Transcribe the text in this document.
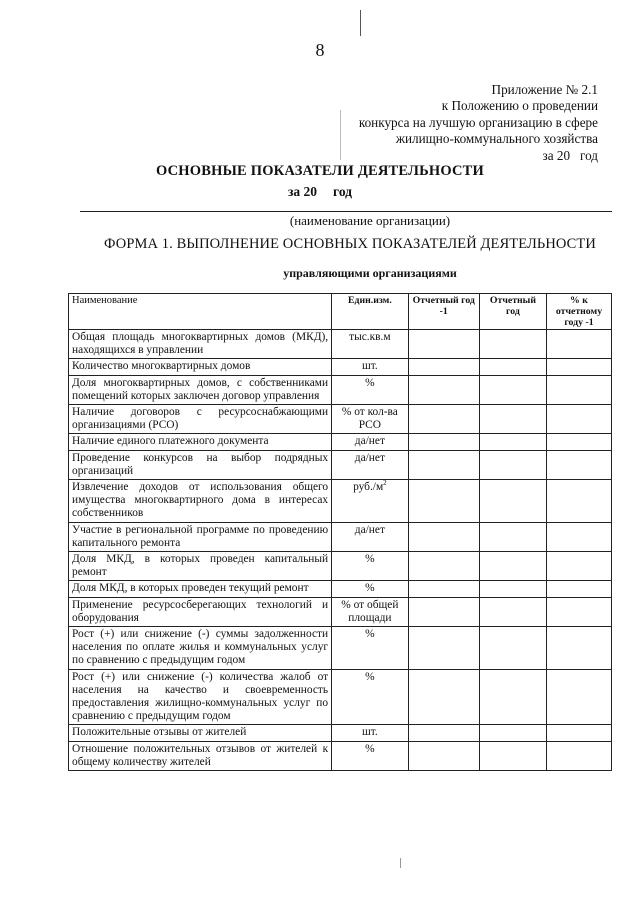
8
Приложение № 2.1
к Положению о проведении
конкурса на лучшую организацию в сфере
жилищно-коммунального хозяйства
за 20   год
ОСНОВНЫЕ ПОКАЗАТЕЛИ ДЕЯТЕЛЬНОСТИ
за 20 год
(наименование организации)
ФОРМА 1. ВЫПОЛНЕНИЕ ОСНОВНЫХ ПОКАЗАТЕЛЕЙ ДЕЯТЕЛЬНОСТИ
управляющими организациями
Наименование	Един.изм.	Отчетный год -1	Отчетный год	% к отчетному году -1
Общая площадь многоквартирных домов (МКД), находящихся в управлении	тыс.кв.м			
Количество многоквартирных домов	шт.			
Доля многоквартирных домов, с собственниками помещений которых заключен договор управления	%			
Наличие договоров с ресурсоснабжающими организациями (РСО)	% от кол-ва РСО			
Наличие единого платежного документа	да/нет			
Проведение конкурсов на выбор подрядных организаций	да/нет			
Извлечение доходов от использования общего имущества многоквартирного дома в интересах собственников	$руб./м^2$			
Участие в региональной программе по проведению капитального ремонта	да/нет			
Доля МКД, в которых проведен капитальный ремонт	%			
Доля МКД, в которых проведен текущий ремонт	%			
Применение ресурсосберегающих технологий и оборудования	% от общей площади			
Рост (+) или снижение (-) суммы задолженности населения по оплате жилья и коммунальных услуг по сравнению с предыдущим годом	%			
Рост (+) или снижение (-) количества жалоб от населения на качество и своевременность предоставления жилищно-коммунальных услуг по сравнению с предыдущим годом	%			
Положительные отзывы от жителей	шт.			
Отношение положительных отзывов от жителей к общему количеству жителей	%			
